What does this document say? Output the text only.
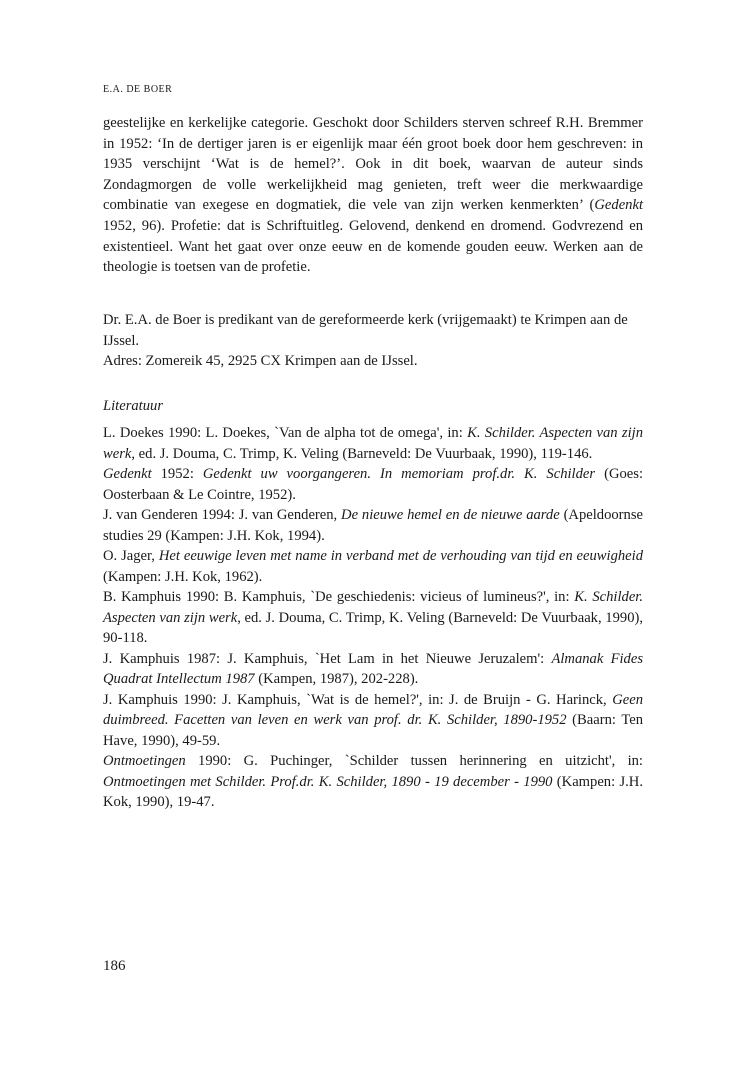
E.A. DE BOER

geestelijke en kerkelijke categorie. Geschokt door Schilders sterven schreef R.H. Bremmer in 1952: ‘In de dertiger jaren is er eigenlijk maar één groot boek door hem geschreven: in 1935 verschijnt ‘Wat is de hemel?’. Ook in dit boek, waarvan de auteur sinds Zondagmorgen de volle werkelijkheid mag genieten, treft weer die merkwaardige combinatie van exegese en dogmatiek, die vele van zijn werken kenmerkten’ (Gedenkt 1952, 96). Profetie: dat is Schriftuitleg. Gelovend, denkend en dromend. Godvrezend en existentieel. Want het gaat over onze eeuw en de komende gouden eeuw. Werken aan de theologie is toetsen van de profetie.

Dr. E.A. de Boer is predikant van de gereformeerde kerk (vrijgemaakt) te Krimpen aan de IJssel.

Adres: Zomereik 45, 2925 CX Krimpen aan de IJssel.

Literatuur

L. Doekes 1990: L. Doekes, `Van de alpha tot de omega', in: K. Schilder. Aspecten van zijn werk, ed. J. Douma, C. Trimp, K. Veling (Barneveld: De Vuurbaak, 1990), 119-146.

Gedenkt 1952: Gedenkt uw voorgangeren. In memoriam prof.dr. K. Schilder (Goes: Oosterbaan & Le Cointre, 1952).

J. van Genderen 1994: J. van Genderen, De nieuwe hemel en de nieuwe aarde (Apeldoornse studies 29 (Kampen: J.H. Kok, 1994).

O. Jager, Het eeuwige leven met name in verband met de verhouding van tijd en eeuwigheid (Kampen: J.H. Kok, 1962).

B. Kamphuis 1990: B. Kamphuis, `De geschiedenis: vicieus of lumineus?', in: K. Schilder. Aspecten van zijn werk, ed. J. Douma, C. Trimp, K. Veling (Barneveld: De Vuurbaak, 1990), 90-118.

J. Kamphuis 1987: J. Kamphuis, `Het Lam in het Nieuwe Jeruzalem': Almanak Fides Quadrat Intellectum 1987 (Kampen, 1987), 202-228).

J. Kamphuis 1990: J. Kamphuis, `Wat is de hemel?', in: J. de Bruijn - G. Harinck, Geen duimbreed. Facetten van leven en werk van prof. dr. K. Schilder, 1890-1952 (Baarn: Ten Have, 1990), 49-59.

Ontmoetingen 1990: G. Puchinger, `Schilder tussen herinnering en uitzicht', in: Ontmoetingen met Schilder. Prof.dr. K. Schilder, 1890 - 19 december - 1990 (Kampen: J.H. Kok, 1990), 19-47.

186
